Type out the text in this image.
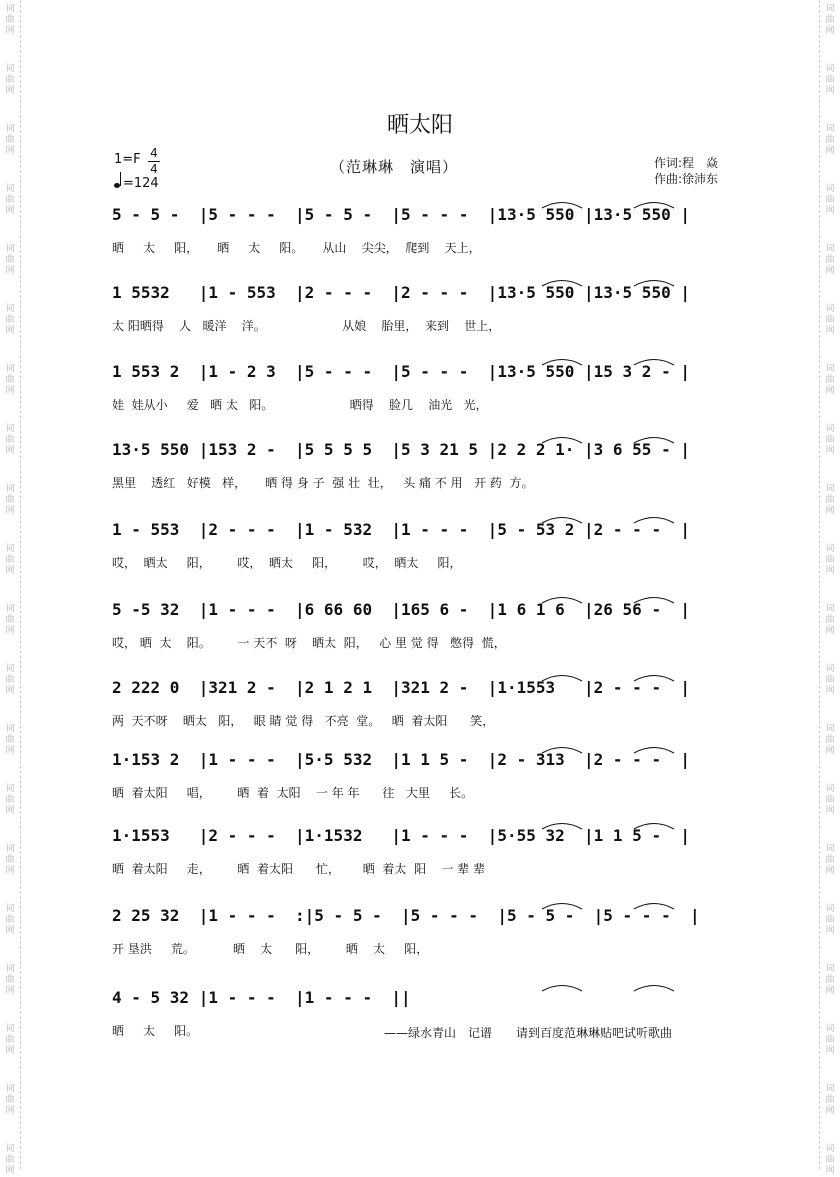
词
曲
网
词
曲
网
词
曲
网
词
曲
网
词
曲
网
词
曲
网
词
曲
网
词
曲
网
词
曲
网
词
曲
网
词
曲
网
词
曲
网
词
曲
网
词
曲
网
词
曲
网
词
曲
网
词
曲
网
词
曲
网
词
曲
网
词
曲
网
词
曲
网
词
曲
网
词
曲
网
词
曲
网
词
曲
网
词
曲
网
词
曲
网
词
曲
网
词
曲
网
词
曲
网
词
曲
网
词
曲
网
词
曲
网
词
曲
网
词
曲
网
词
曲
网
词
曲
网
词
曲
网
词
曲
网
词
曲
网
晒太阳
1=F 4
4
=124
（范琳琳　演唱）	作词:程　焱
作曲:徐沛东
5 - 5 -  |5 - - -  |5 - 5 -  |5 - - -  |13·5 550 |13·5 550 |
晒     太     阳，     晒     太     阳。     从山    尖尖，  爬到    天上，
1 5532   |1 - 553  |2 - - -  |2 - - -  |13·5 550 |13·5 550 |
太 阳晒得    人   暖洋    洋。                    从娘    胎里，  来到    世上，
1 553 2  |1 - 2 3  |5 - - -  |5 - - -  |13·5 550 |15 3 2 - |
娃  娃从小     爱   晒 太   阳。                    晒得    脸几    油光   光，
13·5 550 |153 2 -  |5 5 5 5  |5 3 21 5 |2 2 2 1· |3 6 55 - |
黑里    透红   好模   样，     晒 得 身 子  强 壮  壮，   头 痛 不 用   开 药  方。
1 - 553  |2 - - -  |1 - 532  |1 - - -  |5 - 53 2 |2 - - -  |
哎，  晒太     阳，       哎，  晒太     阳，       哎，  晒太     阳，
5 -5 32  |1 - - -  |6 66 60  |165 6 -  |1 6 1 6  |26 56 -  |
哎， 晒  太    阳。       一 天不  呀    晒太  阳，   心 里 觉 得   憋得  慌，
2 222 0  |321 2 -  |2 1 2 1  |321 2 -  |1·1553   |2 - - -  |
两  天不呀    晒太   阳，   眼 睛 觉 得   不亮  堂。   晒  着太阳      笑，
1·153 2  |1 - - -  |5·5 532  |1 1 5 -  |2 - 313  |2 - - -  |
晒  着太阳     唱，       晒  着  太阳    一 年 年      往   大里     长。
1·1553   |2 - - -  |1·1532   |1 - - -  |5·55 32  |1 1 5 -  |
晒  着太阳     走，       晒  着太阳      忙，      晒  着太  阳    一 辈 辈
2 25 32  |1 - - -  :|5 - 5 -  |5 - - -  |5 - 5 -  |5 - - -  |
开 垦洪     荒。          晒    太      阳，       晒    太     阳，
4 - 5 32 |1 - - -  |1 - - -  ||
晒     太     阳。	——绿水青山　记谱　　请到百度范琳琳贴吧试听歌曲
